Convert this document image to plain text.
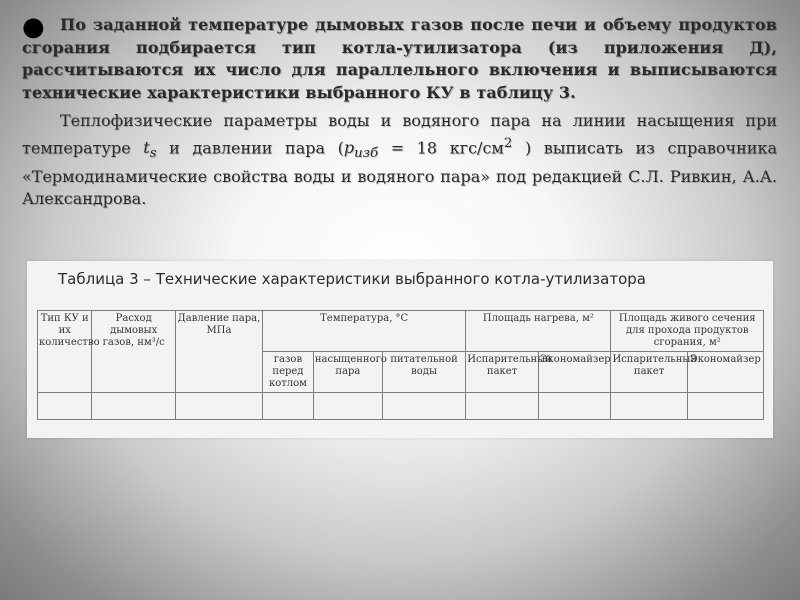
● По заданной температуре дымовых газов после печи и объему продуктов сгорания подбирается тип котла-утилизатора (из приложения Д), рассчитываются их число для параллельного включения и выписываются технические характеристики выбранного КУ в таблицу 3.

Теплофизические параметры воды и водяного пара на линии насыщения при температуре $t_s$ и давлении пара ($p_{изб} = 18$ кгс/$см^2$ ) выписать из справочника «Термодинамические свойства воды и водяного пара» под редакцией С.Л. Ривкин, А.А. Александрова.

Таблица 3 – Технические характеристики выбранного котла-утилизатора
Тип КУ и их количество	Расход дымовых газов, нм³/с	Давление пара, МПа	Температура, °С			Площадь нагрева, м²		Площадь живого сечения для прохода продуктов сгорания, м²	
			газов перед котлом	насыщенного пара	питательной воды	Испарительный пакет	Экономайзер	Испарительный пакет	Экономайзер
